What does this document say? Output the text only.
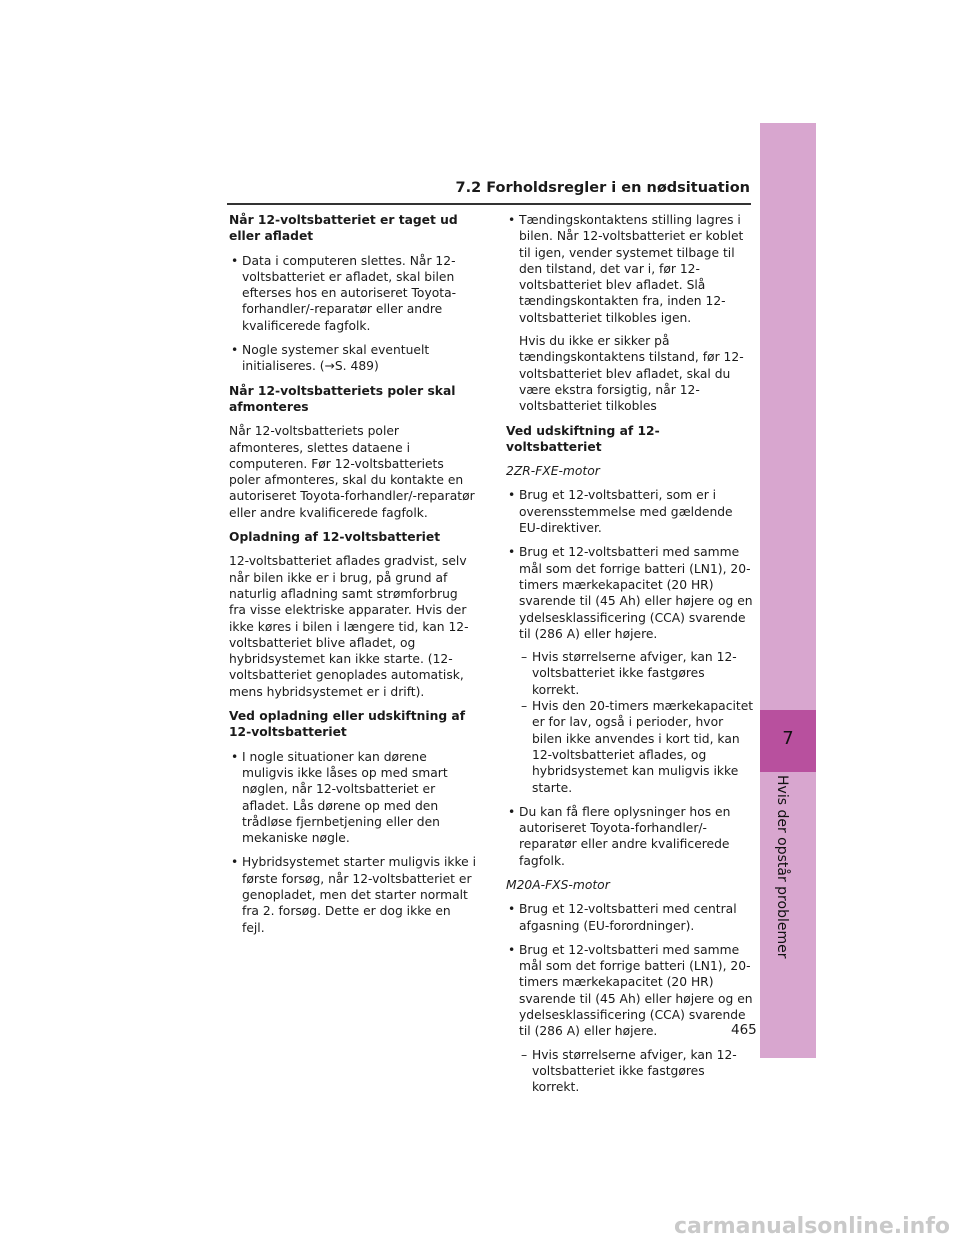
7.2 Forholdsregler i en nødsituation

Når 12-voltsbatteriet er taget ud eller afladet

• Data i computeren slettes. Når 12-voltsbatteriet er afladet, skal bilen efterses hos en autoriseret Toyota-forhandler/-reparatør eller andre kvalificerede fagfolk.

• Nogle systemer skal eventuelt initialiseres. (→S. 489)

Når 12-voltsbatteriets poler skal afmonteres

Når 12-voltsbatteriets poler afmonteres, slettes dataene i computeren. Før 12-voltsbatteriets poler afmonteres, skal du kontakte en autoriseret Toyota-forhandler/-reparatør eller andre kvalificerede fagfolk.

Opladning af 12-voltsbatteriet

12-voltsbatteriet aflades gradvist, selv når bilen ikke er i brug, på grund af naturlig afladning samt strømforbrug fra visse elektriske apparater. Hvis der ikke køres i bilen i længere tid, kan 12-voltsbatteriet blive afladet, og hybridsystemet kan ikke starte. (12-voltsbatteriet genoplades automatisk, mens hybridsystemet er i drift).

Ved opladning eller udskiftning af 12-voltsbatteriet

• I nogle situationer kan dørene muligvis ikke låses op med smart nøglen, når 12-voltsbatteriet er afladet. Lås dørene op med den trådløse fjernbetjening eller den mekaniske nøgle.

• Hybridsystemet starter muligvis ikke i første forsøg, når 12-voltsbatteriet er genopladet, men det starter normalt fra 2. forsøg. Dette er dog ikke en fejl.

• Tændingskontaktens stilling lagres i bilen. Når 12-voltsbatteriet er koblet til igen, vender systemet tilbage til den tilstand, det var i, før 12-voltsbatteriet blev afladet. Slå tændingskontakten fra, inden 12-voltsbatteriet tilkobles igen.

Hvis du ikke er sikker på tændingskontaktens tilstand, før 12-voltsbatteriet blev afladet, skal du være ekstra forsigtig, når 12-voltsbatteriet tilkobles

Ved udskiftning af 12-voltsbatteriet

2ZR-FXE-motor

• Brug et 12-voltsbatteri, som er i overensstemmelse med gældende EU-direktiver.

• Brug et 12-voltsbatteri med samme mål som det forrige batteri (LN1), 20-timers mærkekapacitet (20 HR) svarende til (45 Ah) eller højere og en ydelsesklassificering (CCA) svarende til (286 A) eller højere.

– Hvis størrelserne afviger, kan 12-voltsbatteriet ikke fastgøres korrekt.
– Hvis den 20-timers mærkekapacitet er for lav, også i perioder, hvor bilen ikke anvendes i kort tid, kan 12-voltsbatteriet aflades, og hybridsystemet kan muligvis ikke starte.

• Du kan få flere oplysninger hos en autoriseret Toyota-forhandler/-reparatør eller andre kvalificerede fagfolk.

M20A-FXS-motor

• Brug et 12-voltsbatteri med central afgasning (EU-forordninger).

• Brug et 12-voltsbatteri med samme mål som det forrige batteri (LN1), 20-timers mærkekapacitet (20 HR) svarende til (45 Ah) eller højere og en ydelsesklassificering (CCA) svarende til (286 A) eller højere.

– Hvis størrelserne afviger, kan 12-voltsbatteriet ikke fastgøres korrekt.
7
Hvis der opstår problemer
465
carmanualsonline.info
